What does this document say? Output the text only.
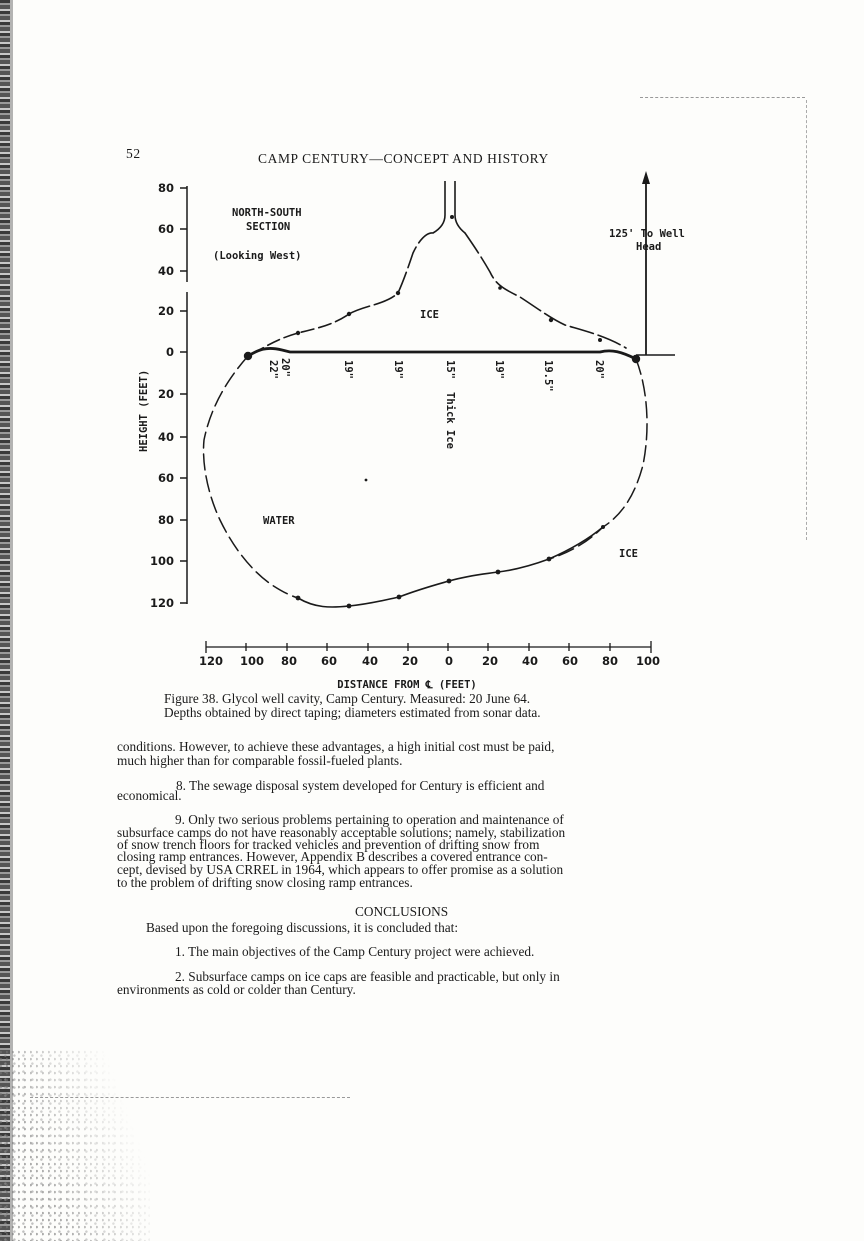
52	CAMP CENTURY—CONCEPT AND HISTORY
80
60
40
20
0
20
40
60
80
100
120
HEIGHT (FEET)
NORTH-SOUTH
SECTION
(Looking West)
125' To Well
Head
ICE
ICE
WATER
20"
22"	19"	19"	15"
Thick Ice
19"	19.5"	20"
120 100 80 60 40 20 0	20 40 60 80 100
DISTANCE FROM ℄ (FEET)
Figure 38. Glycol well cavity, Camp Century. Measured: 20 June 64.
Depths obtained by direct taping; diameters estimated from sonar data.
conditions. However, to achieve these advantages, a high initial cost must be paid,
much higher than for comparable fossil-fueled plants.
8. The sewage disposal system developed for Century is efficient and
economical.
9. Only two serious problems pertaining to operation and maintenance of
subsurface camps do not have reasonably acceptable solutions; namely, stabilization
of snow trench floors for tracked vehicles and prevention of drifting snow from
closing ramp entrances. However, Appendix B describes a covered entrance con-
cept, devised by USA CRREL in 1964, which appears to offer promise as a solution
to the problem of drifting snow closing ramp entrances.
CONCLUSIONS
Based upon the foregoing discussions, it is concluded that:
1. The main objectives of the Camp Century project were achieved.
2. Subsurface camps on ice caps are feasible and practicable, but only in
environments as cold or colder than Century.
